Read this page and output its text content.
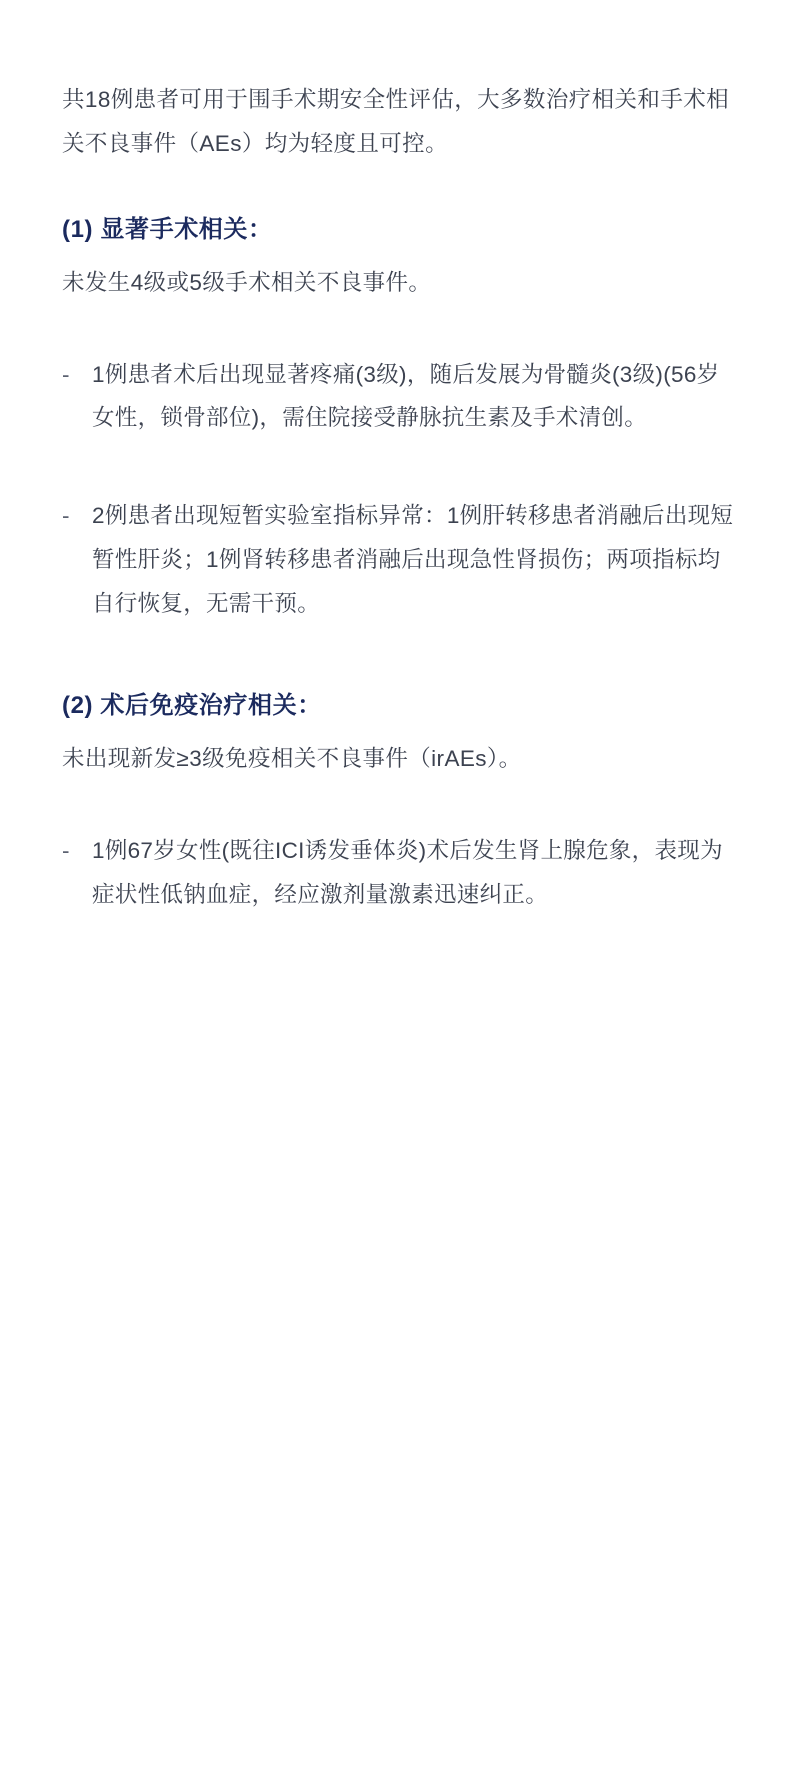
共18例患者可用于围手术期安全性评估，大多数治疗相关和手术相关不良事件（AEs）均为轻度且可控。

(1) 显著手术相关：

未发生4级或5级手术相关不良事件。

- 1例患者术后出现显著疼痛(3级)，随后发展为骨髓炎(3级)(56岁女性，锁骨部位)，需住院接受静脉抗生素及手术清创。
- 2例患者出现短暂实验室指标异常：1例肝转移患者消融后出现短暂性肝炎；1例肾转移患者消融后出现急性肾损伤；两项指标均自行恢复，无需干预。
(2) 术后免疫治疗相关：

未出现新发≥3级免疫相关不良事件（irAEs）。

- 1例67岁女性(既往ICI诱发垂体炎)术后发生肾上腺危象，表现为症状性低钠血症，经应激剂量激素迅速纠正。
